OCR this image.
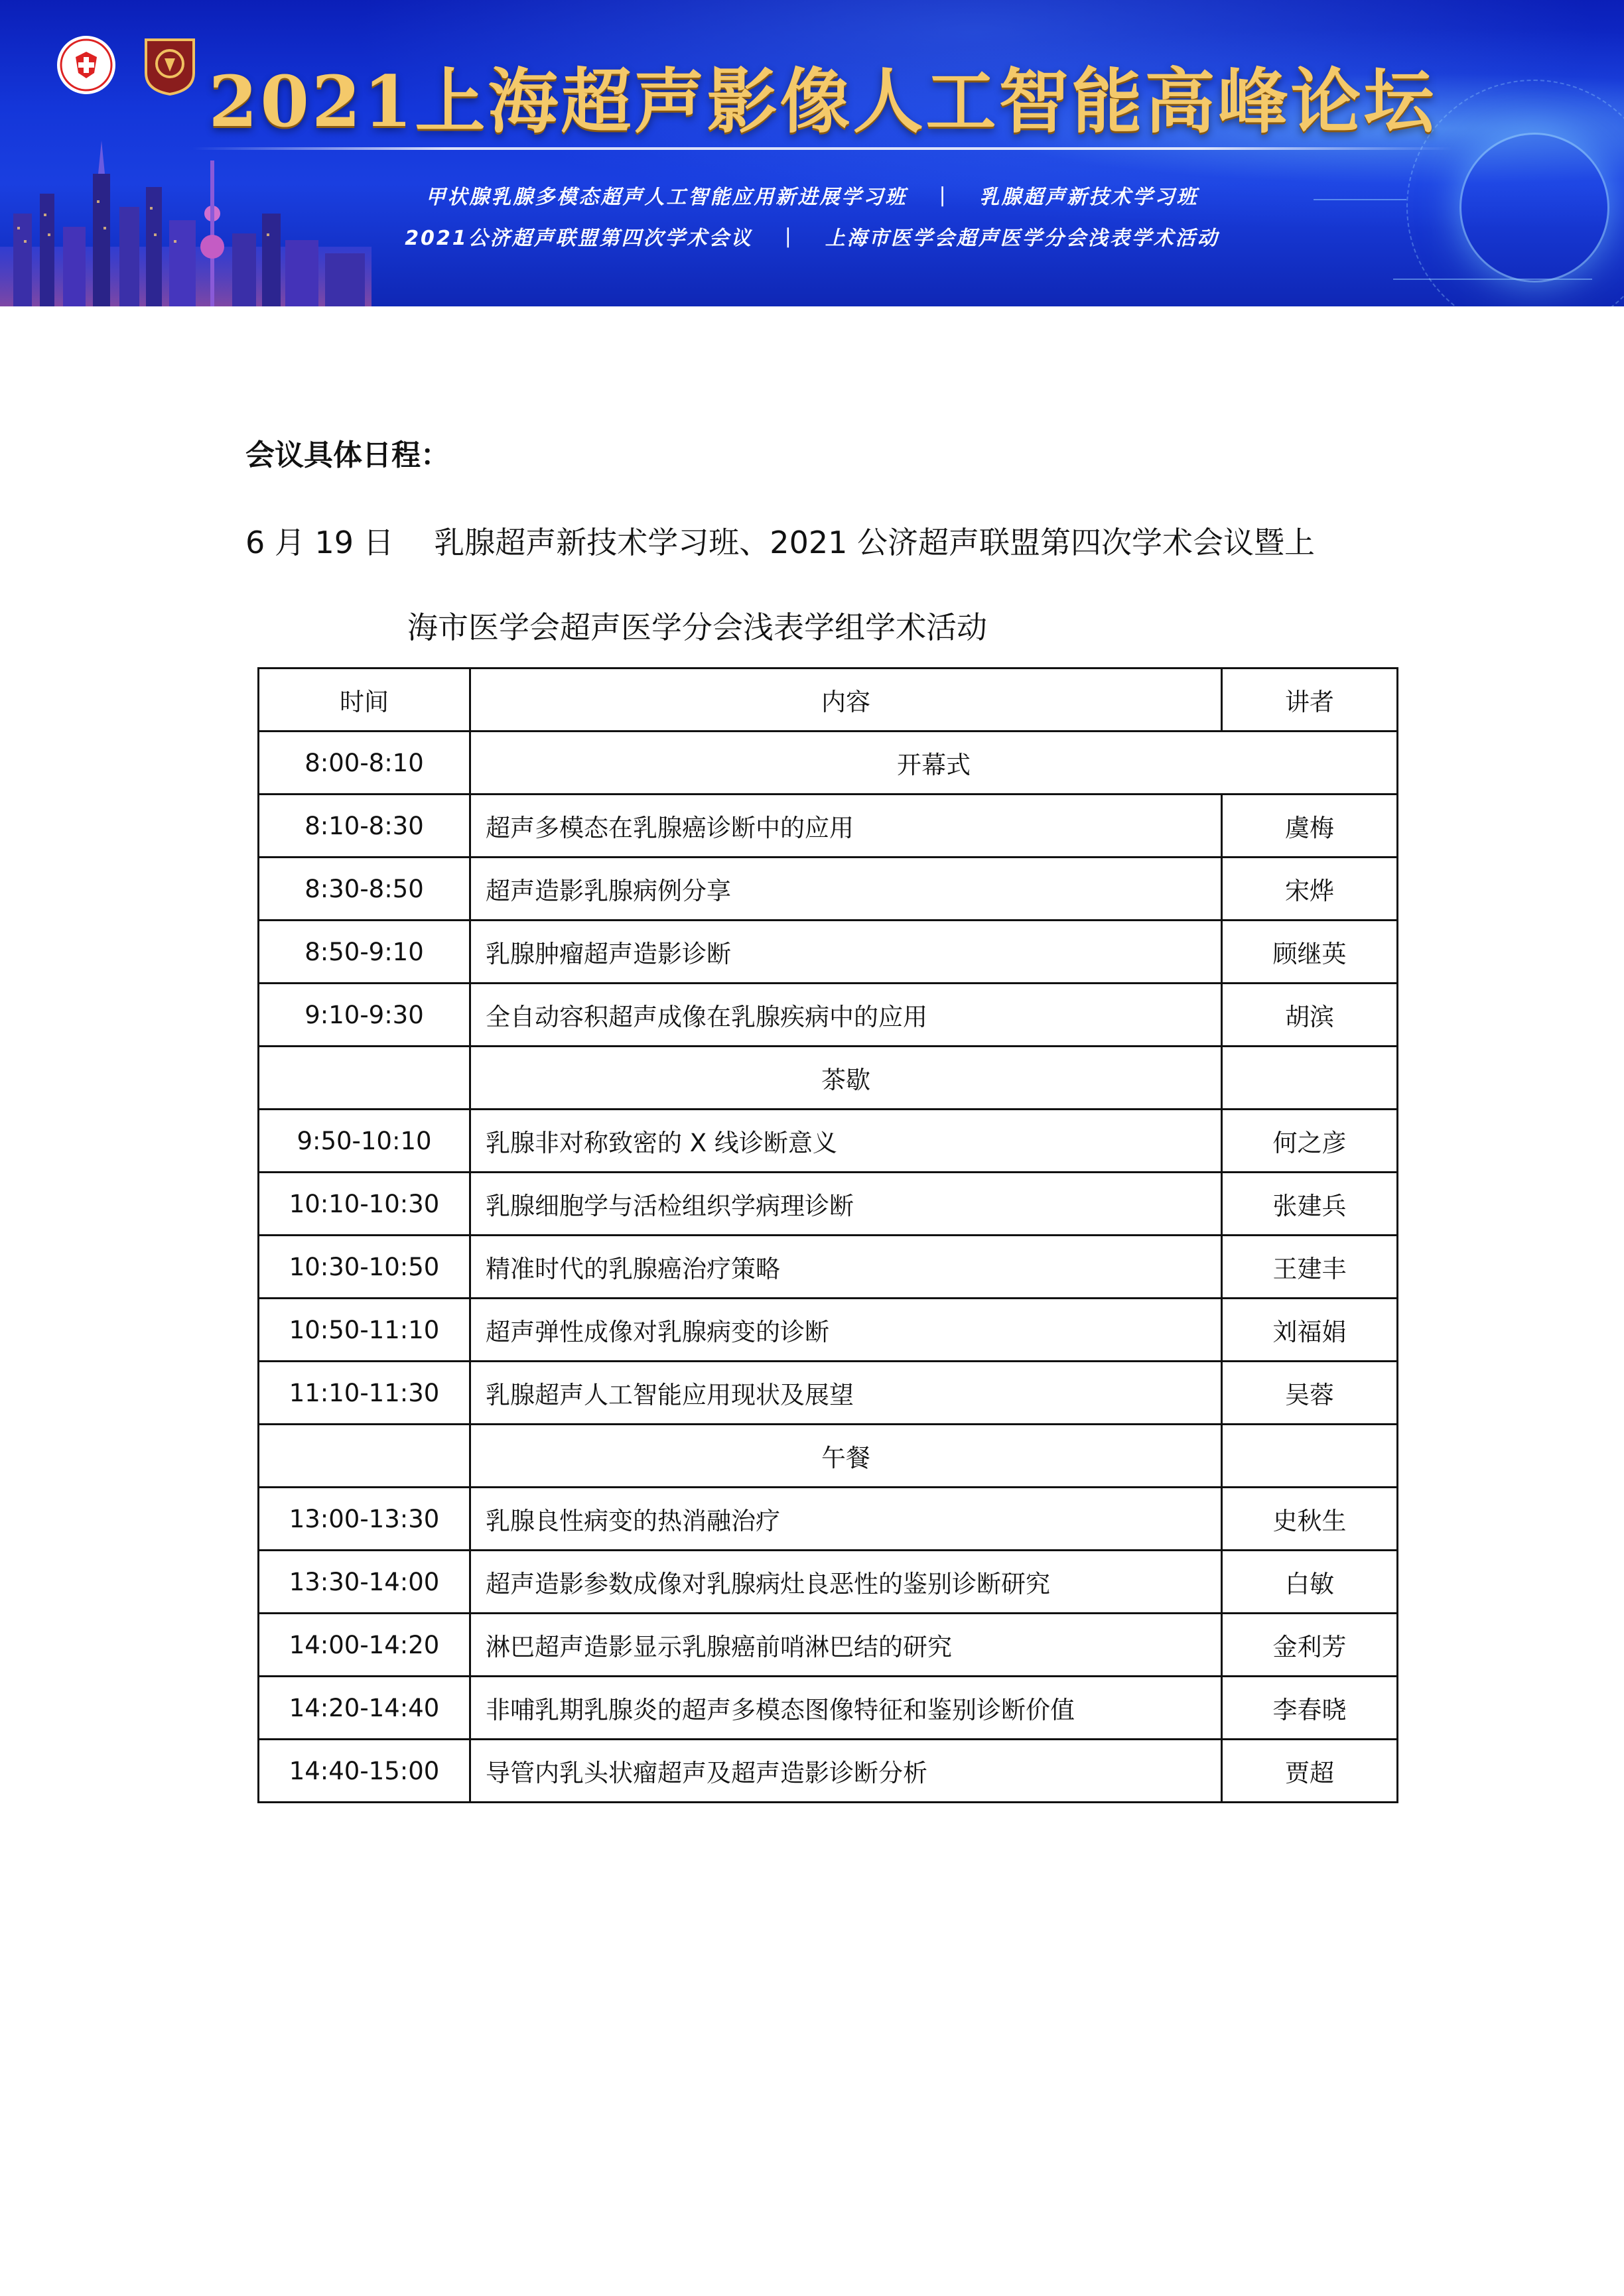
2021上海超声影像人工智能高峰论坛
甲状腺乳腺多模态超声人工智能应用新进展学习班 | 乳腺超声新技术学习班
2021公济超声联盟第四次学术会议 | 上海市医学会超声医学分会浅表学术活动
会议具体日程：
6 月 19 日 乳腺超声新技术学习班、2021 公济超声联盟第四次学术会议暨上
海市医学会超声医学分会浅表学组学术活动
时间	内容	讲者
8:00-8:10	开幕式	
8:10-8:30	超声多模态在乳腺癌诊断中的应用	虞梅
8:30-8:50	超声造影乳腺病例分享	宋烨
8:50-9:10	乳腺肿瘤超声造影诊断	顾继英
9:10-9:30	全自动容积超声成像在乳腺疾病中的应用	胡滨
	茶歇	
9:50-10:10	乳腺非对称致密的 X 线诊断意义	何之彦
10:10-10:30	乳腺细胞学与活检组织学病理诊断	张建兵
10:30-10:50	精准时代的乳腺癌治疗策略	王建丰
10:50-11:10	超声弹性成像对乳腺病变的诊断	刘福娟
11:10-11:30	乳腺超声人工智能应用现状及展望	吴蓉
	午餐	
13:00-13:30	乳腺良性病变的热消融治疗	史秋生
13:30-14:00	超声造影参数成像对乳腺病灶良恶性的鉴别诊断研究	白敏
14:00-14:20	淋巴超声造影显示乳腺癌前哨淋巴结的研究	金利芳
14:20-14:40	非哺乳期乳腺炎的超声多模态图像特征和鉴别诊断价值	李春晓
14:40-15:00	导管内乳头状瘤超声及超声造影诊断分析	贾超
